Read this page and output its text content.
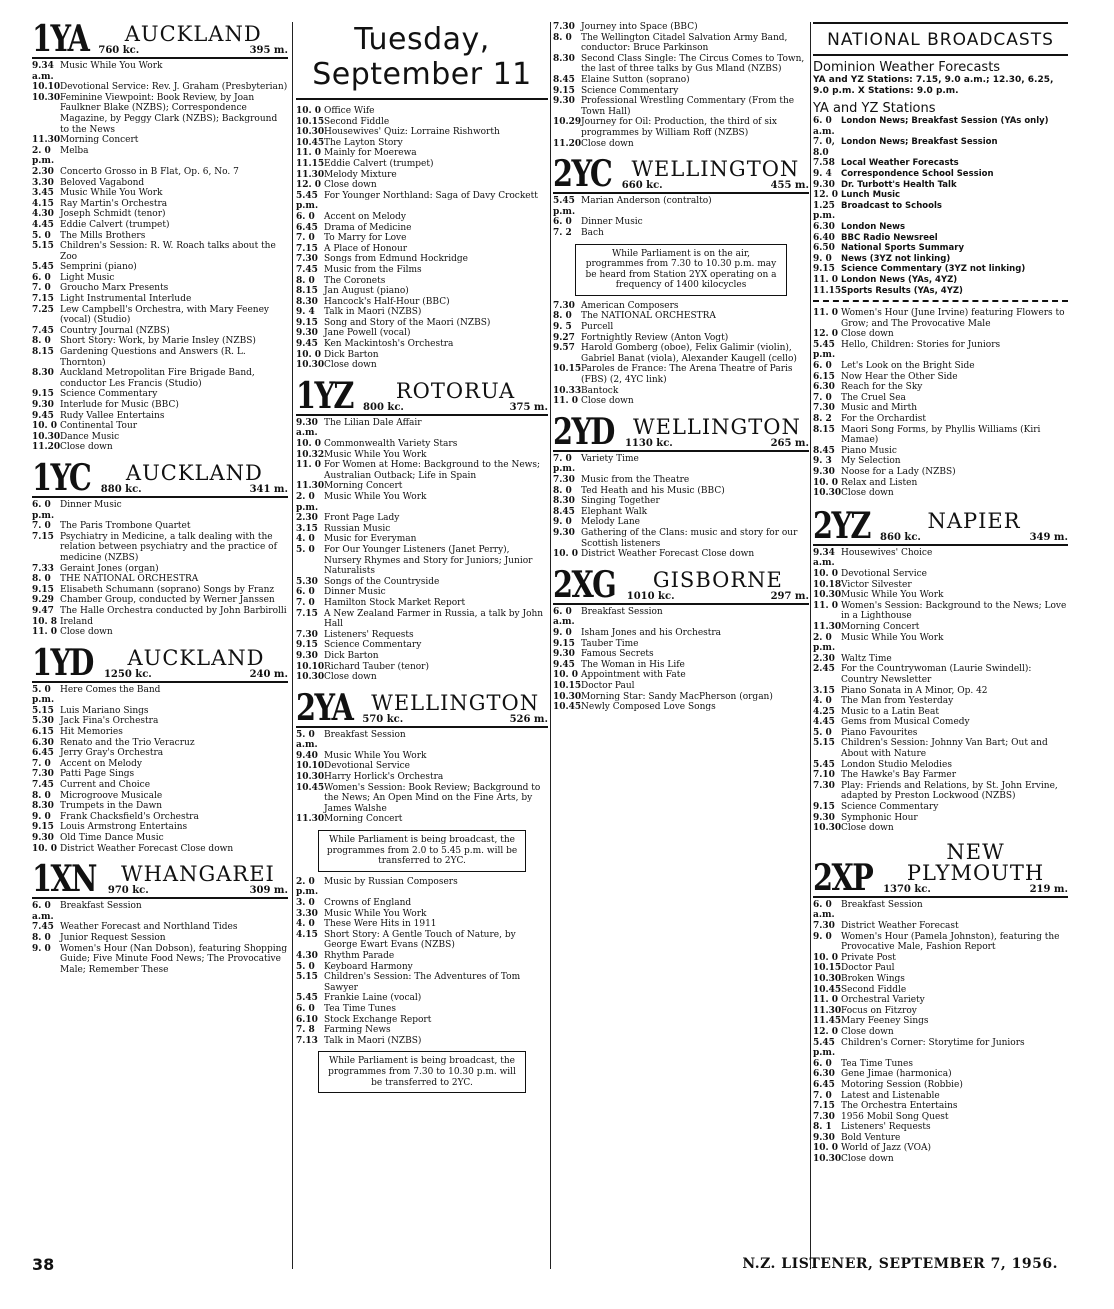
1YA	AUCKLAND
760 kc.	395 m.
9.34 a.m.
Music While You Work
10.10 Devotional Service: Rev. J. Graham (Presbyterian)
10.30 Feminine Viewpoint: Book Review, by Joan Faulkner Blake (NZBS); Correspondence Magazine, by Peggy Clark (NZBS); Background to the News
11.30 Morning Concert
2. 0 p.m.
Melba
2.30 Concerto Grosso in B Flat, Op. 6, No. 7
3.30 Beloved Vagabond
3.45 Music While You Work
4.15 Ray Martin's Orchestra
4.30 Joseph Schmidt (tenor)
4.45 Eddie Calvert (trumpet)
5. 0	The Mills Brothers
5.15 Children's Session: R. W. Roach talks about the Zoo
5.45 Semprini (piano)
6. 0	Light Music
7. 0	Groucho Marx Presents
7.15 Light Instrumental Interlude
7.25 Lew Campbell's Orchestra, with Mary Feeney (vocal) (Studio)
7.45 Country Journal (NZBS)
8. 0	Short Story: Work, by Marie Insley (NZBS)
8.15 Gardening Questions and Answers (R. L. Thornton)
8.30 Auckland Metropolitan Fire Brigade Band, conductor Les Francis (Studio)
9.15 Science Commentary
9.30 Interlude for Music (BBC)
9.45 Rudy Vallee Entertains
10. 0 Continental Tour
10.30 Dance Music
11.20 Close down
1YC	AUCKLAND
880 kc.	341 m.
6. 0 p.m.
Dinner Music
7. 0	The Paris Trombone Quartet
7.15 Psychiatry in Medicine, a talk dealing with the relation between psychiatry and the practice of medicine (NZBS)
7.33 Geraint Jones (organ)
8. 0	THE NATIONAL ORCHESTRA
9.15 Elisabeth Schumann (soprano) Songs by Franz
9.29 Chamber Group, conducted by Werner Janssen
9.47 The Halle Orchestra conducted by John Barbirolli
10. 8 Ireland
11. 0 Close down
1YD	AUCKLAND
1250 kc.	240 m.
5. 0 p.m.
Here Comes the Band
5.15 Luis Mariano Sings
5.30 Jack Fina's Orchestra
6.15 Hit Memories
6.30 Renato and the Trio Veracruz
6.45 Jerry Gray's Orchestra
7. 0	Accent on Melody
7.30 Patti Page Sings
7.45 Current and Choice
8. 0	Microgroove Musicale
8.30 Trumpets in the Dawn
9. 0	Frank Chacksfield's Orchestra
9.15 Louis Armstrong Entertains
9.30 Old Time Dance Music
10. 0 District Weather Forecast Close down
1XN	WHANGAREI
970 kc.	309 m.
6. 0 a.m.
Breakfast Session
7.45 Weather Forecast and Northland Tides
8. 0	Junior Request Session
9. 0	Women's Hour (Nan Dobson), featuring Shopping Guide; Five Minute Food News; The Provocative Male; Remember These
Tuesday, September 11
10. 0 Office Wife
10.15 Second Fiddle
10.30 Housewives' Quiz: Lorraine Rishworth
10.45 The Layton Story
11. 0 Mainly for Moerewa
11.15 Eddie Calvert (trumpet)
11.30 Melody Mixture
12. 0 Close down
5.45 p.m.
For Younger Northland: Saga of Davy Crockett
6. 0	Accent on Melody
6.45 Drama of Medicine
7. 0	To Marry for Love
7.15 A Place of Honour
7.30 Songs from Edmund Hockridge
7.45 Music from the Films
8. 0	The Coronets
8.15 Jan August (piano)
8.30 Hancock's Half-Hour (BBC)
9. 4	Talk in Maori (NZBS)
9.15 Song and Story of the Maori (NZBS)
9.30 Jane Powell (vocal)
9.45 Ken Mackintosh's Orchestra
10. 0 Dick Barton
10.30 Close down
1YZ	ROTORUA
800 kc.	375 m.
9.30 a.m.
The Lilian Dale Affair
10. 0 Commonwealth Variety Stars
10.32 Music While You Work
11. 0 For Women at Home: Background to the News; Australian Outback; Life in Spain
11.30 Morning Concert
2. 0 p.m.
Music While You Work
2.30 Front Page Lady
3.15 Russian Music
4. 0	Music for Everyman
5. 0	For Our Younger Listeners (Janet Perry), Nursery Rhymes and Story for Juniors; Junior Naturalists
5.30 Songs of the Countryside
6. 0	Dinner Music
7. 0	Hamilton Stock Market Report
7.15 A New Zealand Farmer in Russia, a talk by John Hall
7.30 Listeners' Requests
9.15 Science Commentary
9.30 Dick Barton
10.10 Richard Tauber (tenor)
10.30 Close down
2YA WELLINGTON
570 kc.	526 m.
5. 0 a.m.
Breakfast Session
9.40 Music While You Work
10.10 Devotional Service
10.30 Harry Horlick's Orchestra
10.45 Women's Session: Book Review; Background to the News; An Open Mind on the Fine Arts, by James Walshe
11.30 Morning Concert
While Parliament is being broadcast, the programmes from 2.0 to 5.45 p.m. will be transferred to 2YC.
2. 0 p.m.
Music by Russian Composers
3. 0	Crowns of England
3.30 Music While You Work
4. 0	These Were Hits in 1911
4.15 Short Story: A Gentle Touch of Nature, by George Ewart Evans (NZBS)
4.30 Rhythm Parade
5. 0	Keyboard Harmony
5.15 Children's Session: The Adventures of Tom Sawyer
5.45 Frankie Laine (vocal)
6. 0	Tea Time Tunes
6.10 Stock Exchange Report
7. 8	Farming News
7.13 Talk in Maori (NZBS)
While Parliament is being broadcast, the programmes from 7.30 to 10.30 p.m. will be transferred to 2YC.
7.30 Journey into Space (BBC)
8. 0	The Wellington Citadel Salvation Army Band, conductor: Bruce Parkinson
8.30 Second Class Single: The Circus Comes to Town, the last of three talks by Gus Mland (NZBS)
8.45 Elaine Sutton (soprano)
9.15 Science Commentary
9.30 Professional Wrestling Commentary (From the Town Hall)
10.29 Journey for Oil: Production, the third of six programmes by William Roff (NZBS)
11.20 Close down
2YC WELLINGTON
660 kc.	455 m.
5.45 p.m.
Marian Anderson (contralto)
6. 0	Dinner Music
7. 2	Bach
While Parliament is on the air, programmes from 7.30 to 10.30 p.m. may be heard from Station 2YX operating on a frequency of 1400 kilocycles
7.30 American Composers
8. 0	The NATIONAL ORCHESTRA
9. 5	Purcell
9.27 Fortnightly Review (Anton Vogt)
9.57 Harold Gomberg (oboe), Felix Galimir (violin), Gabriel Banat (viola), Alexander Kaugell (cello)
10.15 Paroles de France: The Arena Theatre of Paris (FBS) (2, 4YC link)
10.33 Bantock
11. 0 Close down
2YD WELLINGTON
1130 kc.	265 m.
7. 0 p.m.
Variety Time
7.30 Music from the Theatre
8. 0	Ted Heath and his Music (BBC)
8.30 Singing Together
8.45 Elephant Walk
9. 0	Melody Lane
9.30 Gathering of the Clans: music and story for our Scottish listeners
10. 0 District Weather Forecast Close down
2XG	GISBORNE
1010 kc.	297 m.
6. 0 a.m.
Breakfast Session
9. 0	Isham Jones and his Orchestra
9.15 Tauber Time
9.30 Famous Secrets
9.45 The Woman in His Life
10. 0 Appointment with Fate
10.15 Doctor Paul
10.30 Morning Star: Sandy MacPherson (organ)
10.45 Newly Composed Love Songs
NATIONAL BROADCASTS
Dominion Weather Forecasts
YA and YZ Stations: 7.15, 9.0 a.m.; 12.30, 6.25, 9.0 p.m. X Stations: 9.0 p.m.
YA and YZ Stations
6. 0 a.m.
London News; Breakfast Session (YAs only)
7. 0, 8.0
London News; Breakfast Session
7.58 Local Weather Forecasts
9. 4	Correspondence School Session
9.30 Dr. Turbott's Health Talk
12. 0 Lunch Music
1.25 p.m.
Broadcast to Schools
6.30 London News
6.40 BBC Radio Newsreel
6.50 National Sports Summary
9. 0	News (3YZ not linking)
9.15 Science Commentary (3YZ not linking)
11. 0 London News (YAs, 4YZ)
11.15 Sports Results (YAs, 4YZ)
11. 0 Women's Hour (June Irvine) featuring Flowers to Grow; and The Provocative Male
12. 0 Close down
5.45 p.m.
Hello, Children: Stories for Juniors
6. 0	Let's Look on the Bright Side
6.15 Now Hear the Other Side
6.30 Reach for the Sky
7. 0	The Cruel Sea
7.30 Music and Mirth
8. 2	For the Orchardist
8.15 Maori Song Forms, by Phyllis Williams (Kiri Mamae)
8.45 Piano Music
9. 3	My Selection
9.30 Noose for a Lady (NZBS)
10. 0 Relax and Listen
10.30 Close down
2YZ	NAPIER
860 kc.	349 m.
9.34 a.m.
Housewives' Choice
10. 0 Devotional Service
10.18 Victor Silvester
10.30 Music While You Work
11. 0 Women's Session: Background to the News; Love in a Lighthouse
11.30 Morning Concert
2. 0 p.m.
Music While You Work
2.30 Waltz Time
2.45 For the Countrywoman (Laurie Swindell): Country Newsletter
3.15 Piano Sonata in A Minor, Op. 42
4. 0	The Man from Yesterday
4.25 Music to a Latin Beat
4.45 Gems from Musical Comedy
5. 0	Piano Favourites
5.15 Children's Session: Johnny Van Bart; Out and About with Nature
5.45 London Studio Melodies
7.10 The Hawke's Bay Farmer
7.30 Play: Friends and Relations, by St. John Ervine, adapted by Preston Lockwood (NZBS)
9.15 Science Commentary
9.30 Symphonic Hour
10.30 Close down
2XP
NEW PLYMOUTH
1370 kc.	219 m.
6. 0 a.m.
Breakfast Session
7.30 District Weather Forecast
9. 0	Women's Hour (Pamela Johnston), featuring the Provocative Male, Fashion Report
10. 0 Private Post
10.15 Doctor Paul
10.30 Broken Wings
10.45 Second Fiddle
11. 0 Orchestral Variety
11.30 Focus on Fitzroy
11.45 Mary Feeney Sings
12. 0 Close down
5.45 p.m.
Children's Corner: Storytime for Juniors
6. 0	Tea Time Tunes
6.30 Gene Jimae (harmonica)
6.45 Motoring Session (Robbie)
7. 0	Latest and Listenable
7.15 The Orchestra Entertains
7.30 1956 Mobil Song Quest
8. 1	Listeners' Requests
9.30 Bold Venture
10. 0 World of Jazz (VOA)
10.30 Close down
38	N.Z. LISTENER, SEPTEMBER 7, 1956.
